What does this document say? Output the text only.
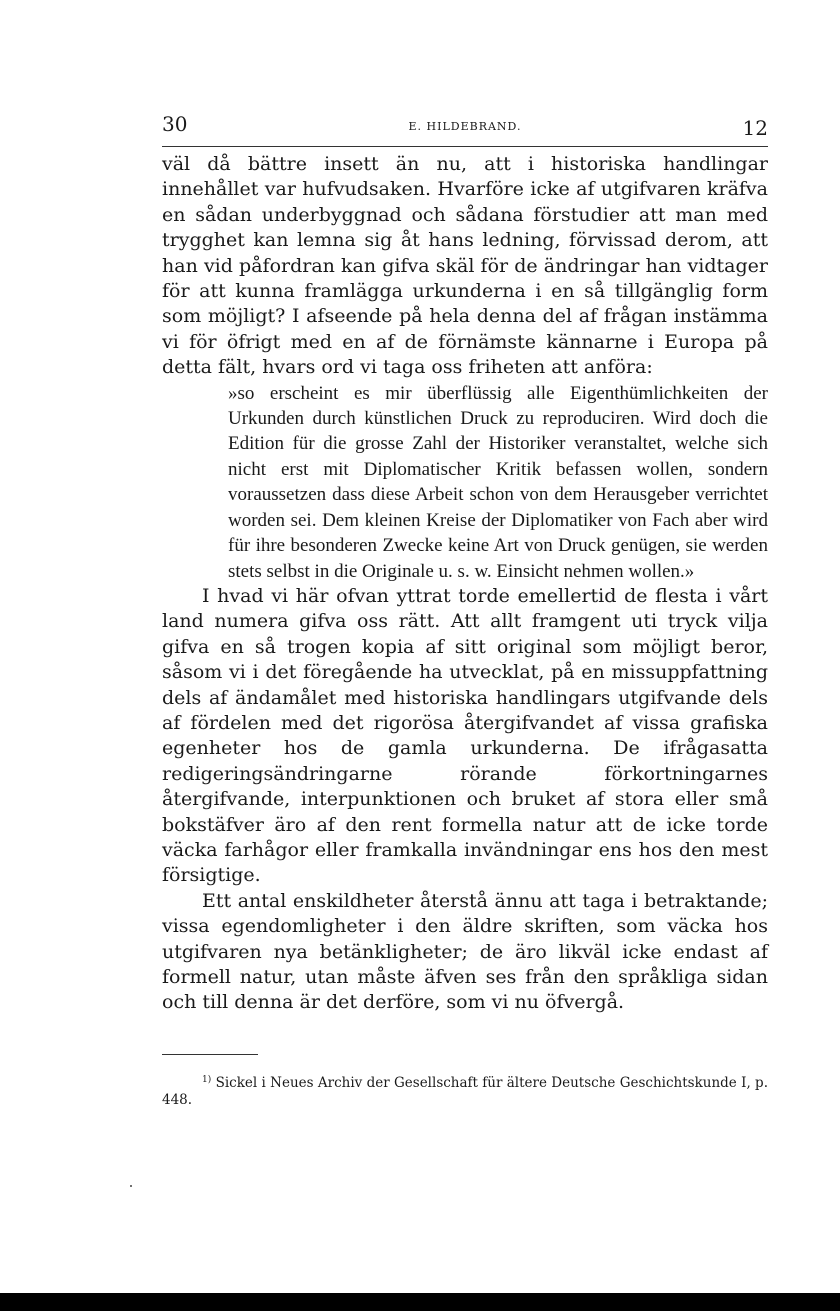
30	E. HILDEBRAND.	12

väl då bättre insett än nu, att i historiska handlingar innehållet var hufvudsaken. Hvarföre icke af utgifvaren kräfva en sådan underbyggnad och sådana förstudier att man med trygghet kan lemna sig åt hans ledning, förvissad derom, att han vid påfordran kan gifva skäl för de ändringar han vidtager för att kunna framlägga urkunderna i en så tillgänglig form som möjligt? I afseende på hela denna del af frågan instämma vi för öfrigt med en af de förnämste kännarne i Europa på detta fält, hvars ord vi taga oss friheten att anföra:

»so erscheint es mir überflüssig alle Eigenthümlichkeiten der Urkunden durch künstlichen Druck zu reproduciren. Wird doch die Edition für die grosse Zahl der Historiker veranstaltet, welche sich nicht erst mit Diplomatischer Kritik befassen wollen, sondern voraussetzen dass diese Arbeit schon von dem Herausgeber verrichtet worden sei. Dem kleinen Kreise der Diplomatiker von Fach aber wird für ihre besonderen Zwecke keine Art von Druck genügen, sie werden stets selbst in die Originale u. s. w. Einsicht nehmen wollen.»

I hvad vi här ofvan yttrat torde emellertid de flesta i vårt land numera gifva oss rätt. Att allt framgent uti tryck vilja gifva en så trogen kopia af sitt original som möjligt beror, såsom vi i det föregående ha utvecklat, på en missuppfattning dels af ändamålet med historiska handlingars utgifvande dels af fördelen med det rigorösa återgifvandet af vissa grafiska egenheter hos de gamla urkunderna. De ifrågasatta redigeringsändringarne rörande förkortningarnes återgifvande, interpunktionen och bruket af stora eller små bokstäfver äro af den rent formella natur att de icke torde väcka farhågor eller framkalla invändningar ens hos den mest försigtige.

Ett antal enskildheter återstå ännu att taga i betraktande; vissa egendomligheter i den äldre skriften, som väcka hos utgifvaren nya betänkligheter; de äro likväl icke endast af formell natur, utan måste äfven ses från den språkliga sidan och till denna är det derföre, som vi nu öfvergå.

$^{1)}$ Sickel i Neues Archiv der Gesellschaft für ältere Deutsche Geschichtskunde I, p. 448.
